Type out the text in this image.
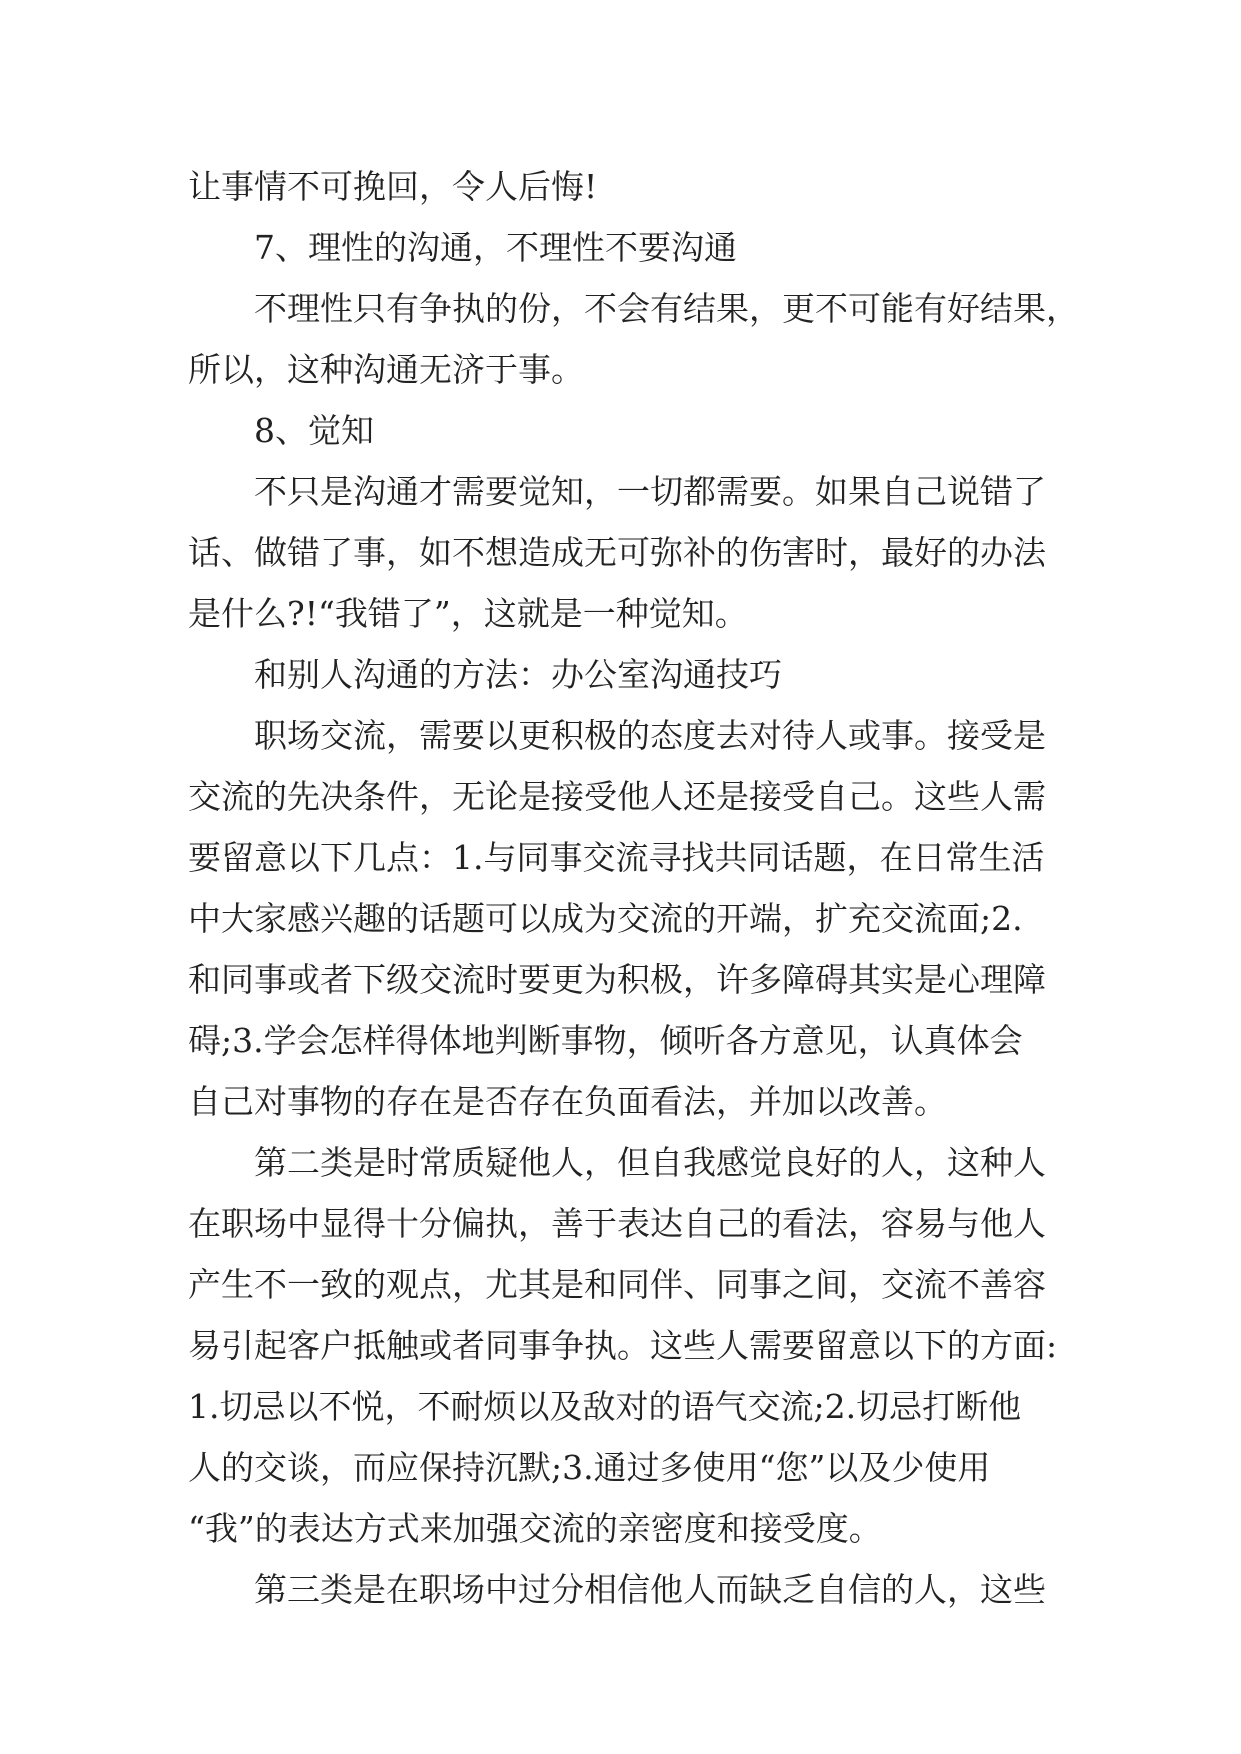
让事情不可挽回，令人后悔!
7、理性的沟通，不理性不要沟通
不理性只有争执的份，不会有结果，更不可能有好结果，
所以，这种沟通无济于事。
8、觉知
不只是沟通才需要觉知，一切都需要。如果自己说错了
话、做错了事，如不想造成无可弥补的伤害时，最好的办法
是什么?!“我错了”，这就是一种觉知。
和别人沟通的方法：办公室沟通技巧
职场交流，需要以更积极的态度去对待人或事。接受是
交流的先决条件，无论是接受他人还是接受自己。这些人需
要留意以下几点：1.与同事交流寻找共同话题，在日常生活
中大家感兴趣的话题可以成为交流的开端，扩充交流面;2.
和同事或者下级交流时要更为积极，许多障碍其实是心理障
碍;3.学会怎样得体地判断事物，倾听各方意见，认真体会
自己对事物的存在是否存在负面看法，并加以改善。
第二类是时常质疑他人，但自我感觉良好的人，这种人
在职场中显得十分偏执，善于表达自己的看法，容易与他人
产生不一致的观点，尤其是和同伴、同事之间，交流不善容
易引起客户抵触或者同事争执。这些人需要留意以下的方面:
1.切忌以不悦，不耐烦以及敌对的语气交流;2.切忌打断他
人的交谈，而应保持沉默;3.通过多使用“您”以及少使用
“我”的表达方式来加强交流的亲密度和接受度。
第三类是在职场中过分相信他人而缺乏自信的人，这些
